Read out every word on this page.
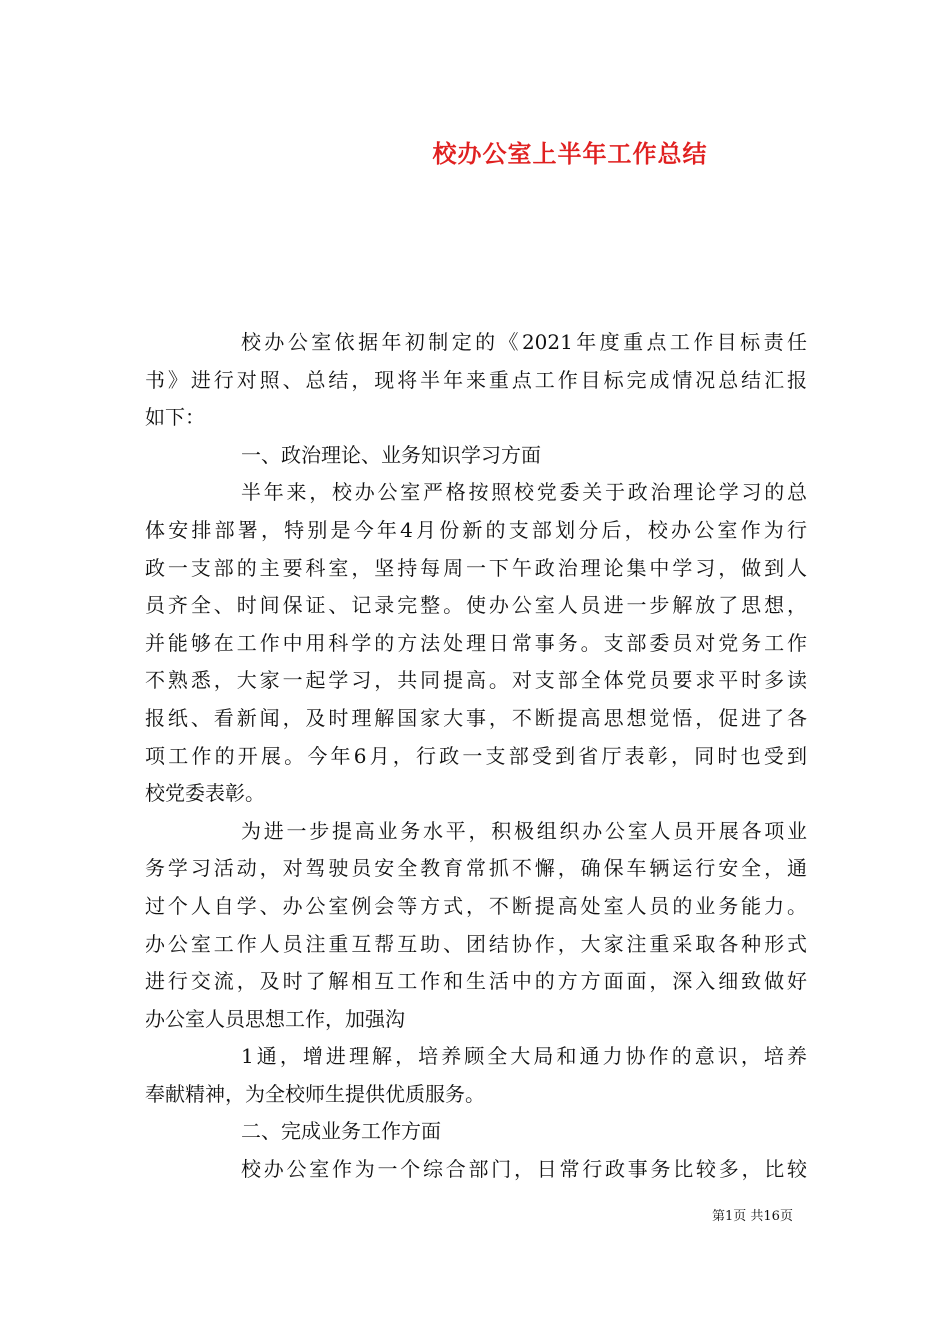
校办公室上半年工作总结
校办公室依据年初制定的《2021年度重点工作目标责任
书》进行对照、总结，现将半年来重点工作目标完成情况总结汇报
如下：
一、政治理论、业务知识学习方面
半年来，校办公室严格按照校党委关于政治理论学习的总
体安排部署，特别是今年4月份新的支部划分后，校办公室作为行
政一支部的主要科室，坚持每周一下午政治理论集中学习，做到人
员齐全、时间保证、记录完整。使办公室人员进一步解放了思想，
并能够在工作中用科学的方法处理日常事务。支部委员对党务工作
不熟悉，大家一起学习，共同提高。对支部全体党员要求平时多读
报纸、看新闻，及时理解国家大事，不断提高思想觉悟，促进了各
项工作的开展。今年6月，行政一支部受到省厅表彰，同时也受到
校党委表彰。
为进一步提高业务水平，积极组织办公室人员开展各项业
务学习活动，对驾驶员安全教育常抓不懈，确保车辆运行安全，通
过个人自学、办公室例会等方式，不断提高处室人员的业务能力。
办公室工作人员注重互帮互助、团结协作，大家注重采取各种形式
进行交流，及时了解相互工作和生活中的方方面面，深入细致做好
办公室人员思想工作，加强沟
1通，增进理解，培养顾全大局和通力协作的意识，培养
奉献精神，为全校师生提供优质服务。
二、完成业务工作方面
校办公室作为一个综合部门，日常行政事务比较多，比较
第1页 共16页
